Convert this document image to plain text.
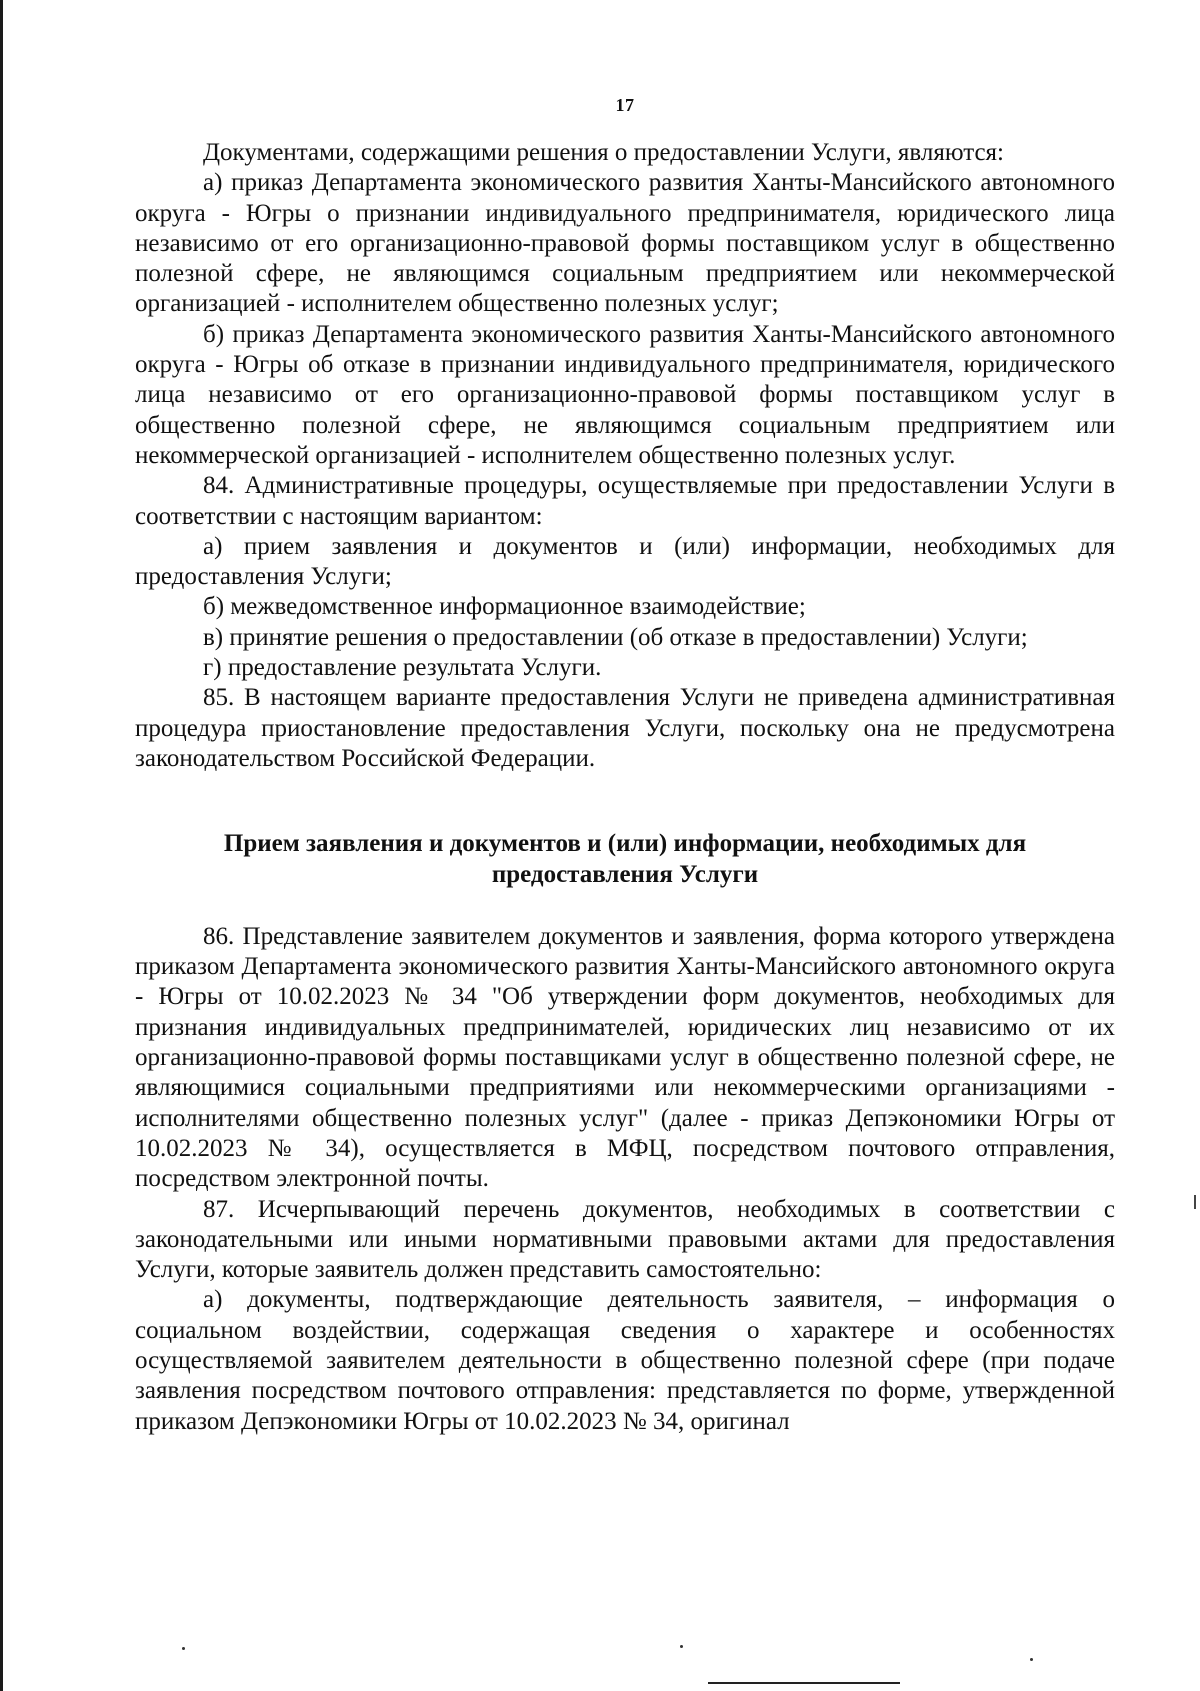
17

Документами, содержащими решения о предоставлении Услуги, являются:

а) приказ Департамента экономического развития Ханты-Мансийского автономного округа - Югры о признании индивидуального предпринимателя, юридического лица независимо от его организационно-правовой формы поставщиком услуг в общественно полезной сфере, не являющимся социальным предприятием или некоммерческой организацией - исполнителем общественно полезных услуг;

б) приказ Департамента экономического развития Ханты-Мансийского автономного округа - Югры об отказе в признании индивидуального предпринимателя, юридического лица независимо от его организационно-правовой формы поставщиком услуг в общественно полезной сфере, не являющимся социальным предприятием или некоммерческой организацией - исполнителем общественно полезных услуг.

84. Административные процедуры, осуществляемые при предоставлении Услуги в соответствии с настоящим вариантом:

а) прием заявления и документов и (или) информации, необходимых для предоставления Услуги;

б) межведомственное информационное взаимодействие;

в) принятие решения о предоставлении (об отказе в предоставлении) Услуги;

г) предоставление результата Услуги.

85. В настоящем варианте предоставления Услуги не приведена административная процедура приостановление предоставления Услуги, поскольку она не предусмотрена законодательством Российской Федерации.

Прием заявления и документов и (или) информации, необходимых для предоставления Услуги

86. Представление заявителем документов и заявления, форма которого утверждена приказом Департамента экономического развития Ханты-Мансийского автономного округа - Югры от 10.02.2023 № 34 "Об утверждении форм документов, необходимых для признания индивидуальных предпринимателей, юридических лиц независимо от их организационно-правовой формы поставщиками услуг в общественно полезной сфере, не являющимися социальными предприятиями или некоммерческими организациями - исполнителями общественно полезных услуг" (далее - приказ Депэкономики Югры от 10.02.2023 № 34), осуществляется в МФЦ, посредством почтового отправления, посредством электронной почты.

87. Исчерпывающий перечень документов, необходимых в соответствии с законодательными или иными нормативными правовыми актами для предоставления Услуги, которые заявитель должен представить самостоятельно:

а) документы, подтверждающие деятельность заявителя, – информация о социальном воздействии, содержащая сведения о характере и особенностях осуществляемой заявителем деятельности в общественно полезной сфере (при подаче заявления посредством почтового отправления: представляется по форме, утвержденной приказом Депэкономики Югры от 10.02.2023 № 34, оригинал
